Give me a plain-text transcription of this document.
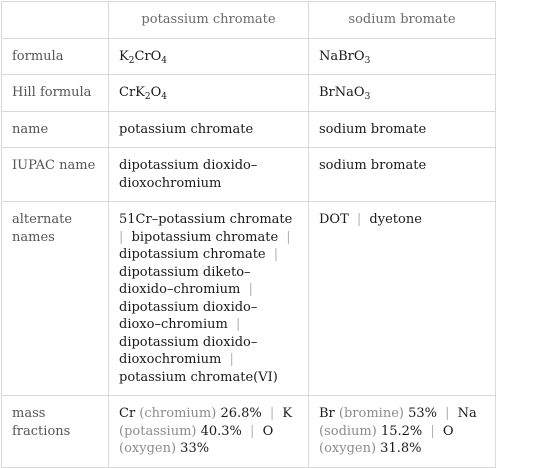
	potassium chromate	sodium bromate
formula	$K_2CrO_4$	NaBrO$_3$
Hill formula	$CrK_2O_4$	BrNaO$_3$
name	potassium chromate	sodium bromate
IUPAC name	dipotassium dioxido–dioxochromium	sodium bromate
alternate names	51Cr–potassium chromate | bipotassium chromate | dipotassium chromate | dipotassium diketo–dioxido–chromium | dipotassium dioxido–dioxo–chromium | dipotassium dioxido–dioxochromium | potassium chromate(VI)	DOT | dyetone
mass fractions	Cr (chromium) 26.8% | K (potassium) 40.3% | O (oxygen) 33%	Br (bromine) 53% | Na (sodium) 15.2% | O (oxygen) 31.8%
